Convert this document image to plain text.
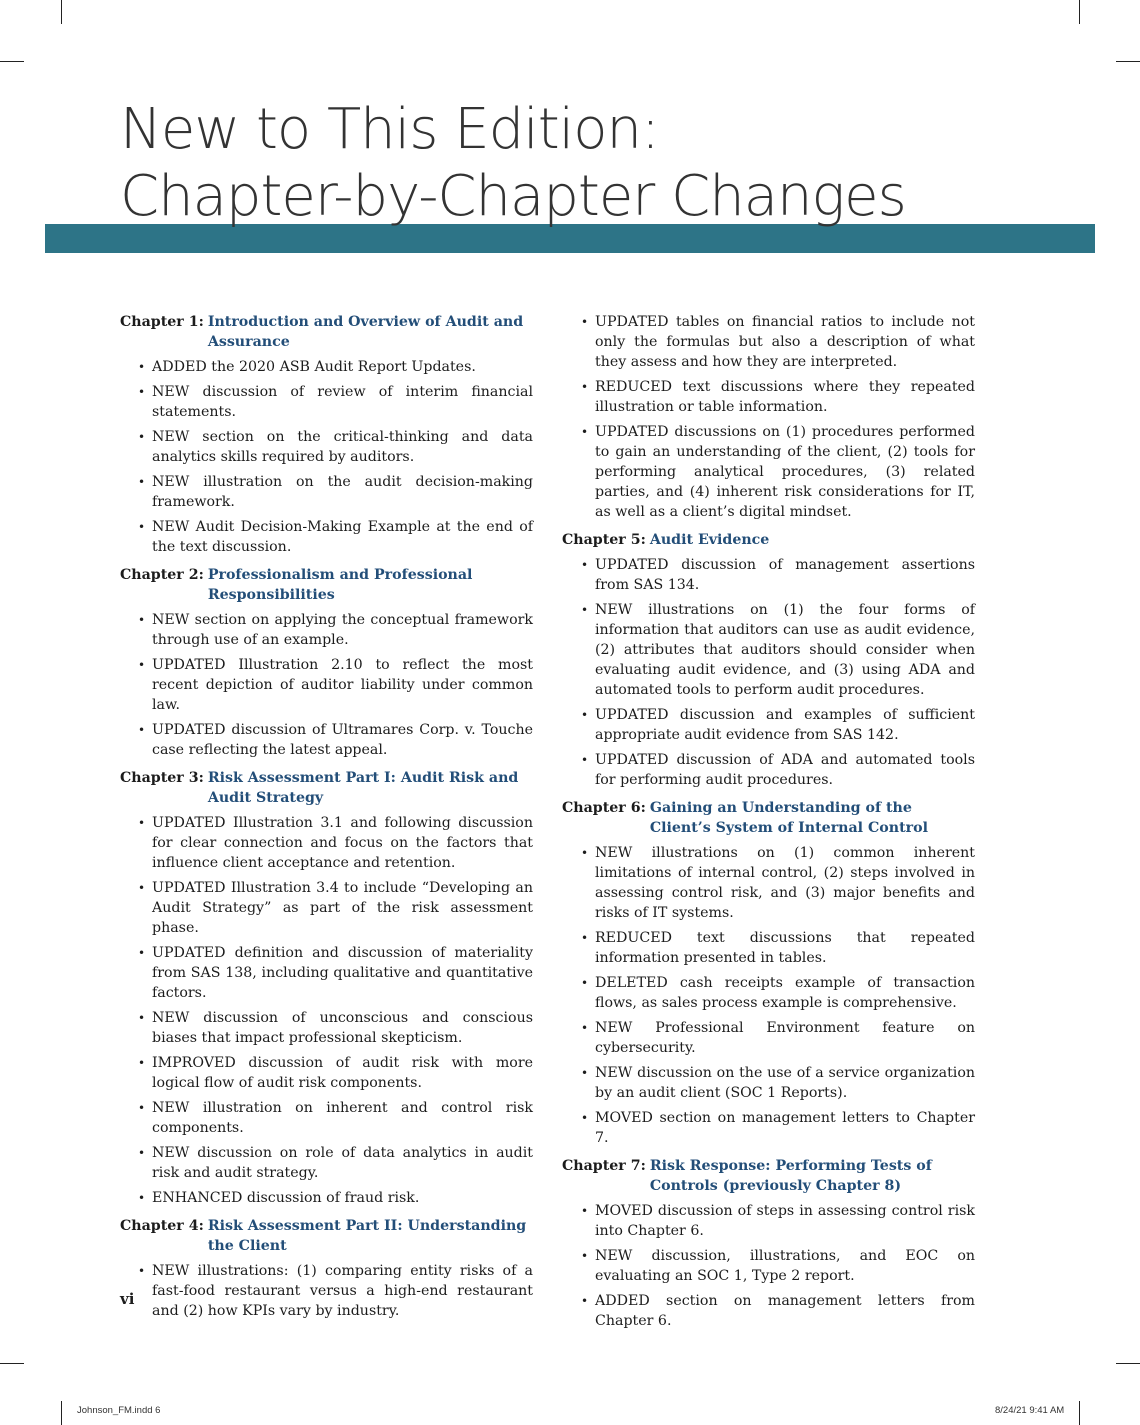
New to This Edition:
Chapter-by-Chapter Changes
Chapter 1: Introduction and Overview of Audit and Assurance
• ADDED the 2020 ASB Audit Report Updates.
• NEW discussion of review of interim financial statements.
• NEW section on the critical-thinking and data analytics skills required by auditors.
• NEW illustration on the audit decision-making framework.
• NEW Audit Decision-Making Example at the end of the text discussion.
Chapter 2: Professionalism and Professional Responsibilities
• NEW section on applying the conceptual framework through use of an example.
• UPDATED Illustration 2.10 to reflect the most recent depiction of auditor liability under common law.
• UPDATED discussion of Ultramares Corp. v. Touche case reflecting the latest appeal.
Chapter 3: Risk Assessment Part I: Audit Risk and Audit Strategy
• UPDATED Illustration 3.1 and following discussion for clear connection and focus on the factors that influence client acceptance and retention.
• UPDATED Illustration 3.4 to include “Developing an Audit Strategy” as part of the risk assessment phase.
• UPDATED definition and discussion of materiality from SAS 138, including qualitative and quantitative factors.
• NEW discussion of unconscious and conscious biases that impact professional skepticism.
• IMPROVED discussion of audit risk with more logical flow of audit risk components.
• NEW illustration on inherent and control risk components.
• NEW discussion on role of data analytics in audit risk and audit strategy.
• ENHANCED discussion of fraud risk.
Chapter 4: Risk Assessment Part II: Understanding the Client
• NEW illustrations: (1) comparing entity risks of a fast-food restaurant versus a high-end restaurant and (2) how KPIs vary by industry.
• UPDATED tables on financial ratios to include not only the formulas but also a description of what they assess and how they are interpreted.
• REDUCED text discussions where they repeated illustration or table information.
• UPDATED discussions on (1) procedures performed to gain an understanding of the client, (2) tools for performing analytical procedures, (3) related parties, and (4) inherent risk considerations for IT, as well as a client’s digital mindset.
Chapter 5: Audit Evidence
• UPDATED discussion of management assertions from SAS 134.
• NEW illustrations on (1) the four forms of information that auditors can use as audit evidence, (2) attributes that auditors should consider when evaluating audit evidence, and (3) using ADA and automated tools to perform audit procedures.
• UPDATED discussion and examples of sufficient appropriate audit evidence from SAS 142.
• UPDATED discussion of ADA and automated tools for performing audit procedures.
Chapter 6: Gaining an Understanding of the Client’s System of Internal Control
• NEW illustrations on (1) common inherent limitations of internal control, (2) steps involved in assessing control risk, and (3) major benefits and risks of IT systems.
• REDUCED text discussions that repeated information presented in tables.
• DELETED cash receipts example of transaction flows, as sales process example is comprehensive.
• NEW Professional Environment feature on cybersecurity.
• NEW discussion on the use of a service organization by an audit client (SOC 1 Reports).
• MOVED section on management letters to Chapter 7.
Chapter 7: Risk Response: Performing Tests of Controls (previously Chapter 8)
• MOVED discussion of steps in assessing control risk into Chapter 6.
• NEW discussion, illustrations, and EOC on evaluating an SOC 1, Type 2 report.
• ADDED section on management letters from Chapter 6.
vi
Johnson_FM.indd 6	8/24/21 9:41 AM
